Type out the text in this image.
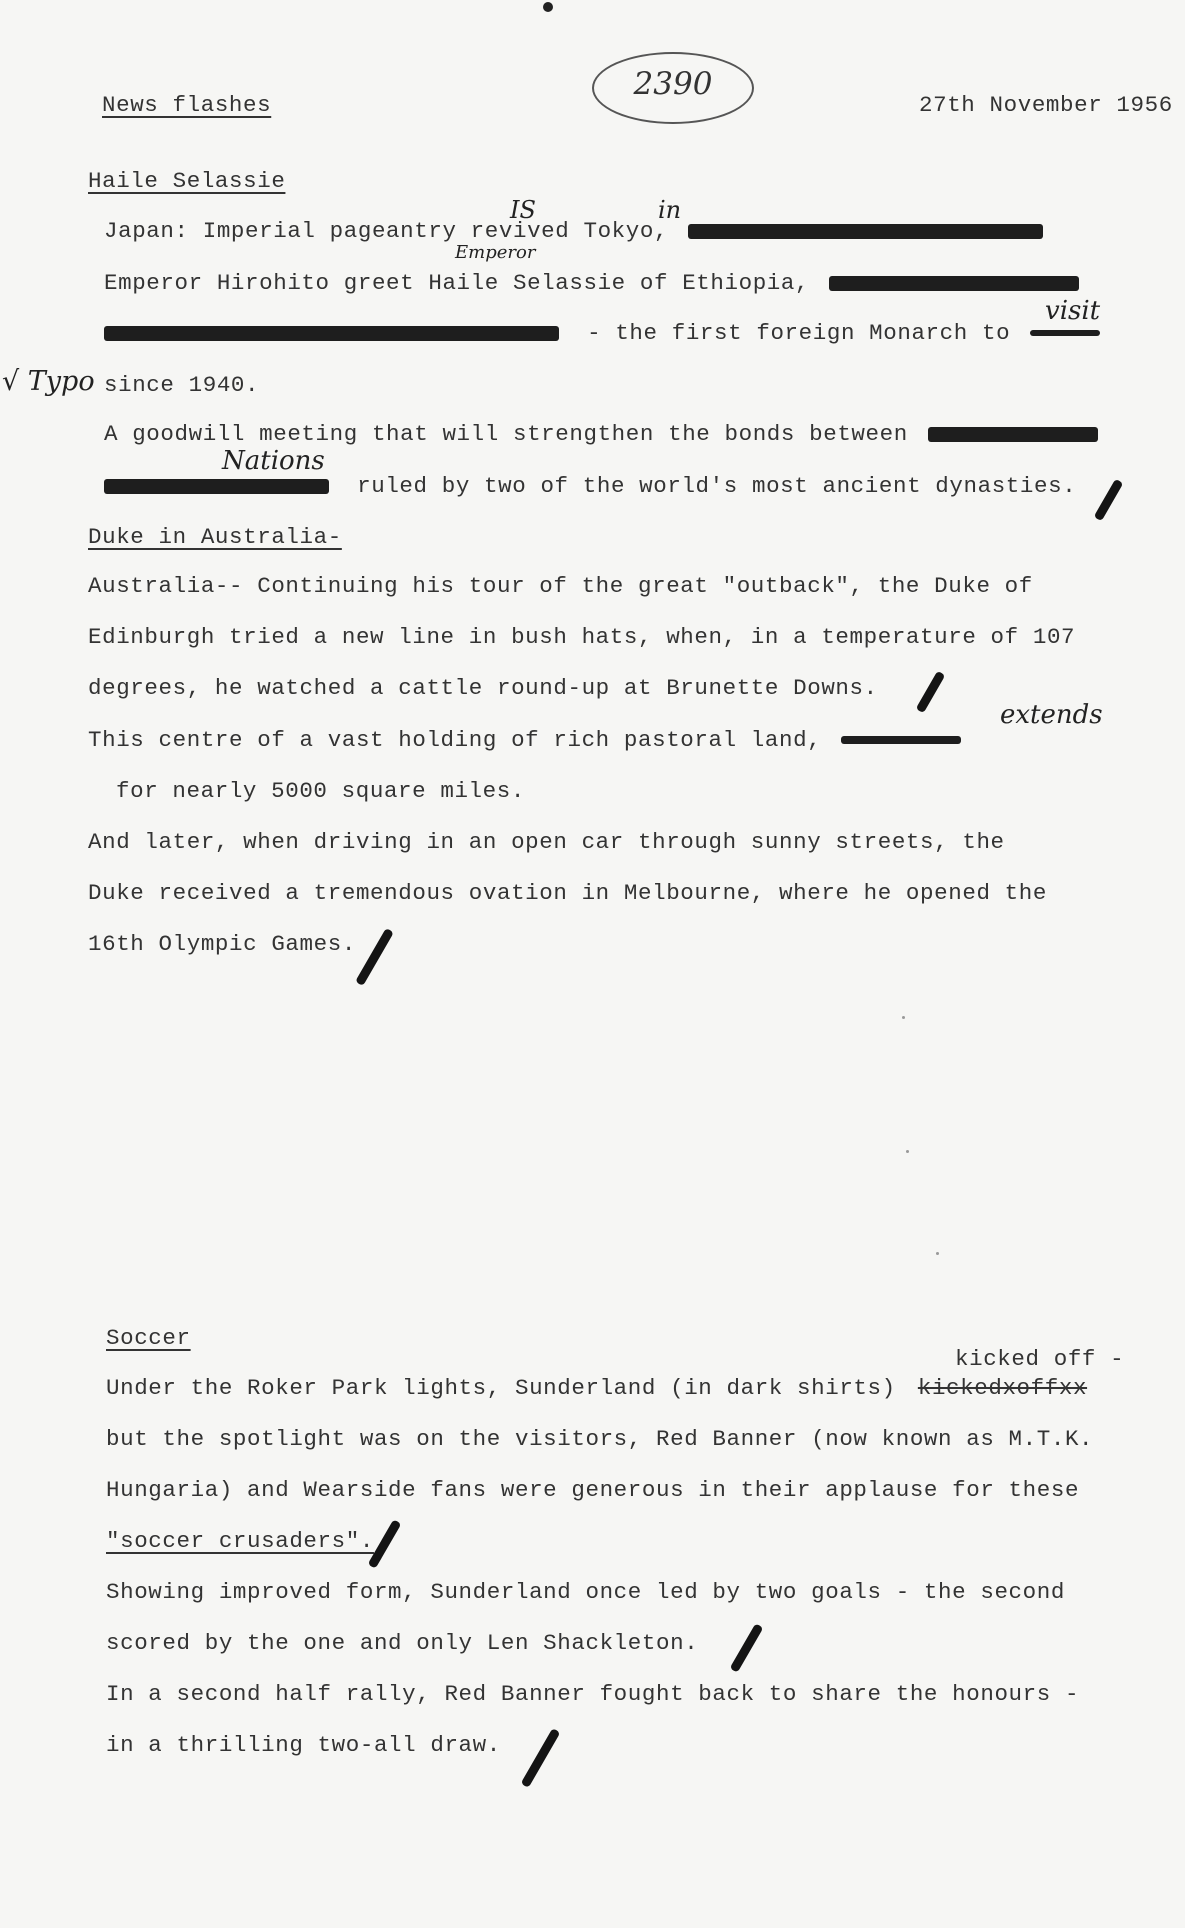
News flashes
2390
27th November 1956
Haile Selassie
IS	in
Japan: Imperial pageantry revived Tokyo,
Emperor
Emperor Hirohito greet Haile Selassie of Ethiopia,
visit
- the first foreign Monarch to
√ Typo since 1940.
A goodwill meeting that will strengthen the bonds between
Nations
ruled by two of the world's most ancient dynasties.
Duke in Australia-
Australia-- Continuing his tour of the great "outback", the Duke of
Edinburgh tried a new line in bush hats, when, in a temperature of 107
degrees, he watched a cattle round-up at Brunette Downs.
extends
This centre of a vast holding of rich pastoral land,
for nearly 5000 square miles.
And later, when driving in an open car through sunny streets, the
Duke received a tremendous ovation in Melbourne, where he opened the
16th Olympic Games.
Soccer
kicked off -
Under the Roker Park lights, Sunderland (in dark shirts) kickedxoffxx
but the spotlight was on the visitors, Red Banner (now known as M.T.K.
Hungaria) and Wearside fans were generous in their applause for these
"soccer crusaders".
Showing improved form, Sunderland once led by two goals - the second
scored by the one and only Len Shackleton.
In a second half rally, Red Banner fought back to share the honours -
in a thrilling two-all draw.
